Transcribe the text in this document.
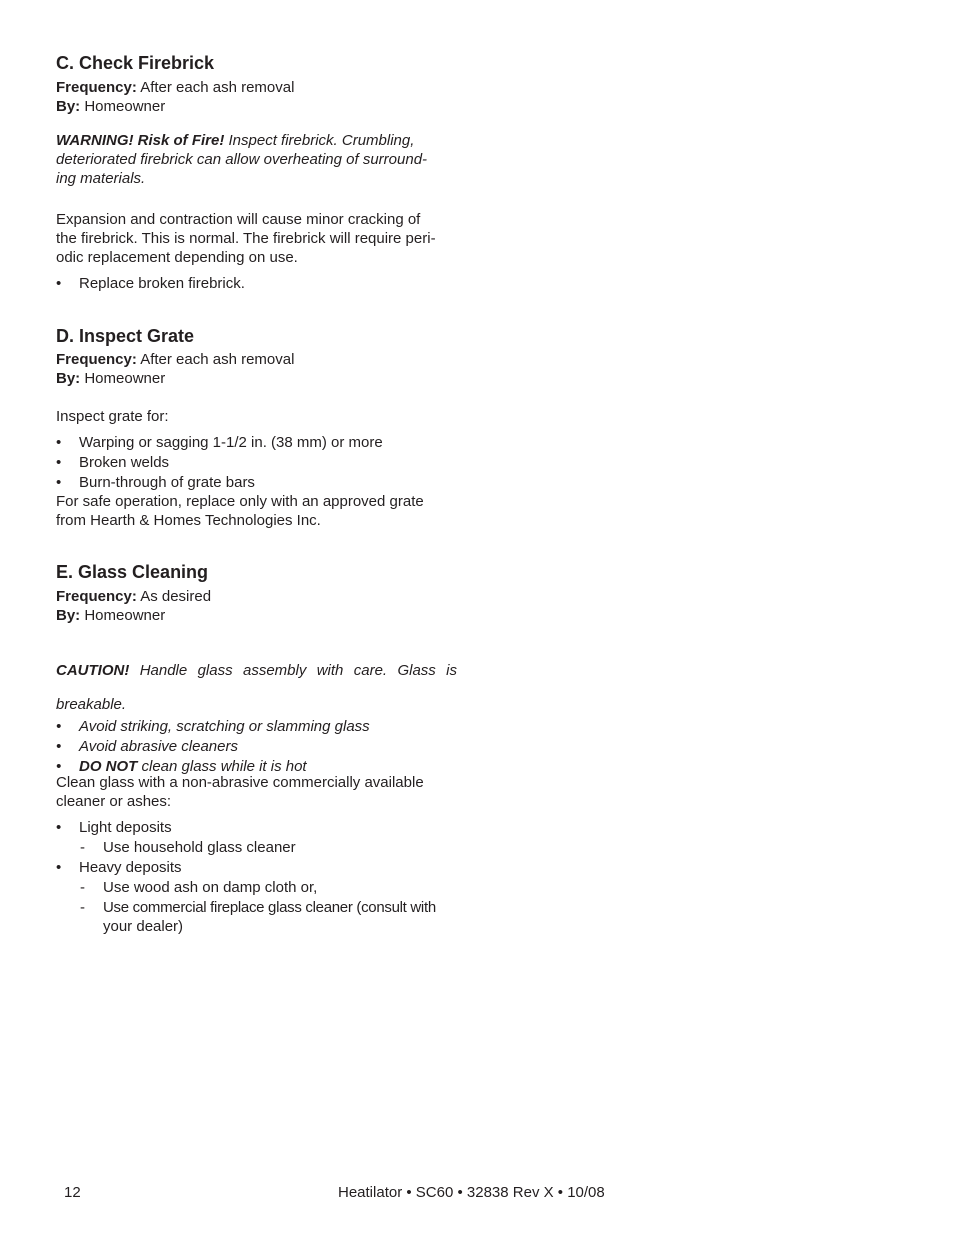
C. Check Firebrick

Frequency: After each ash removal

By: Homeowner

WARNING! Risk of Fire! Inspect firebrick. Crumbling,

deteriorated firebrick can allow overheating of surround-

ing materials.

Expansion and contraction will cause minor cracking of

the firebrick. This is normal. The firebrick will require peri-

odic replacement depending on use.

• Replace broken firebrick.

D. Inspect Grate

Frequency: After each ash removal

By: Homeowner

Inspect grate for:

• Warping or sagging 1-1/2 in. (38 mm) or more

• Broken welds

• Burn-through of grate bars

For safe operation, replace only with an approved grate

from Hearth & Homes Technologies Inc.

E. Glass Cleaning

Frequency: As desired

By: Homeowner

CAUTION! Handle glass assembly with care. Glass is

breakable.

• Avoid striking, scratching or slamming glass

• Avoid abrasive cleaners

• DO NOT clean glass while it is hot

Clean glass with a non-abrasive commercially available

cleaner or ashes:

• Light deposits

- Use household glass cleaner

• Heavy deposits

- Use wood ash on damp cloth or,

- Use commercial fireplace glass cleaner (consult with

your dealer)

12	Heatilator • SC60 • 32838 Rev X • 10/08
